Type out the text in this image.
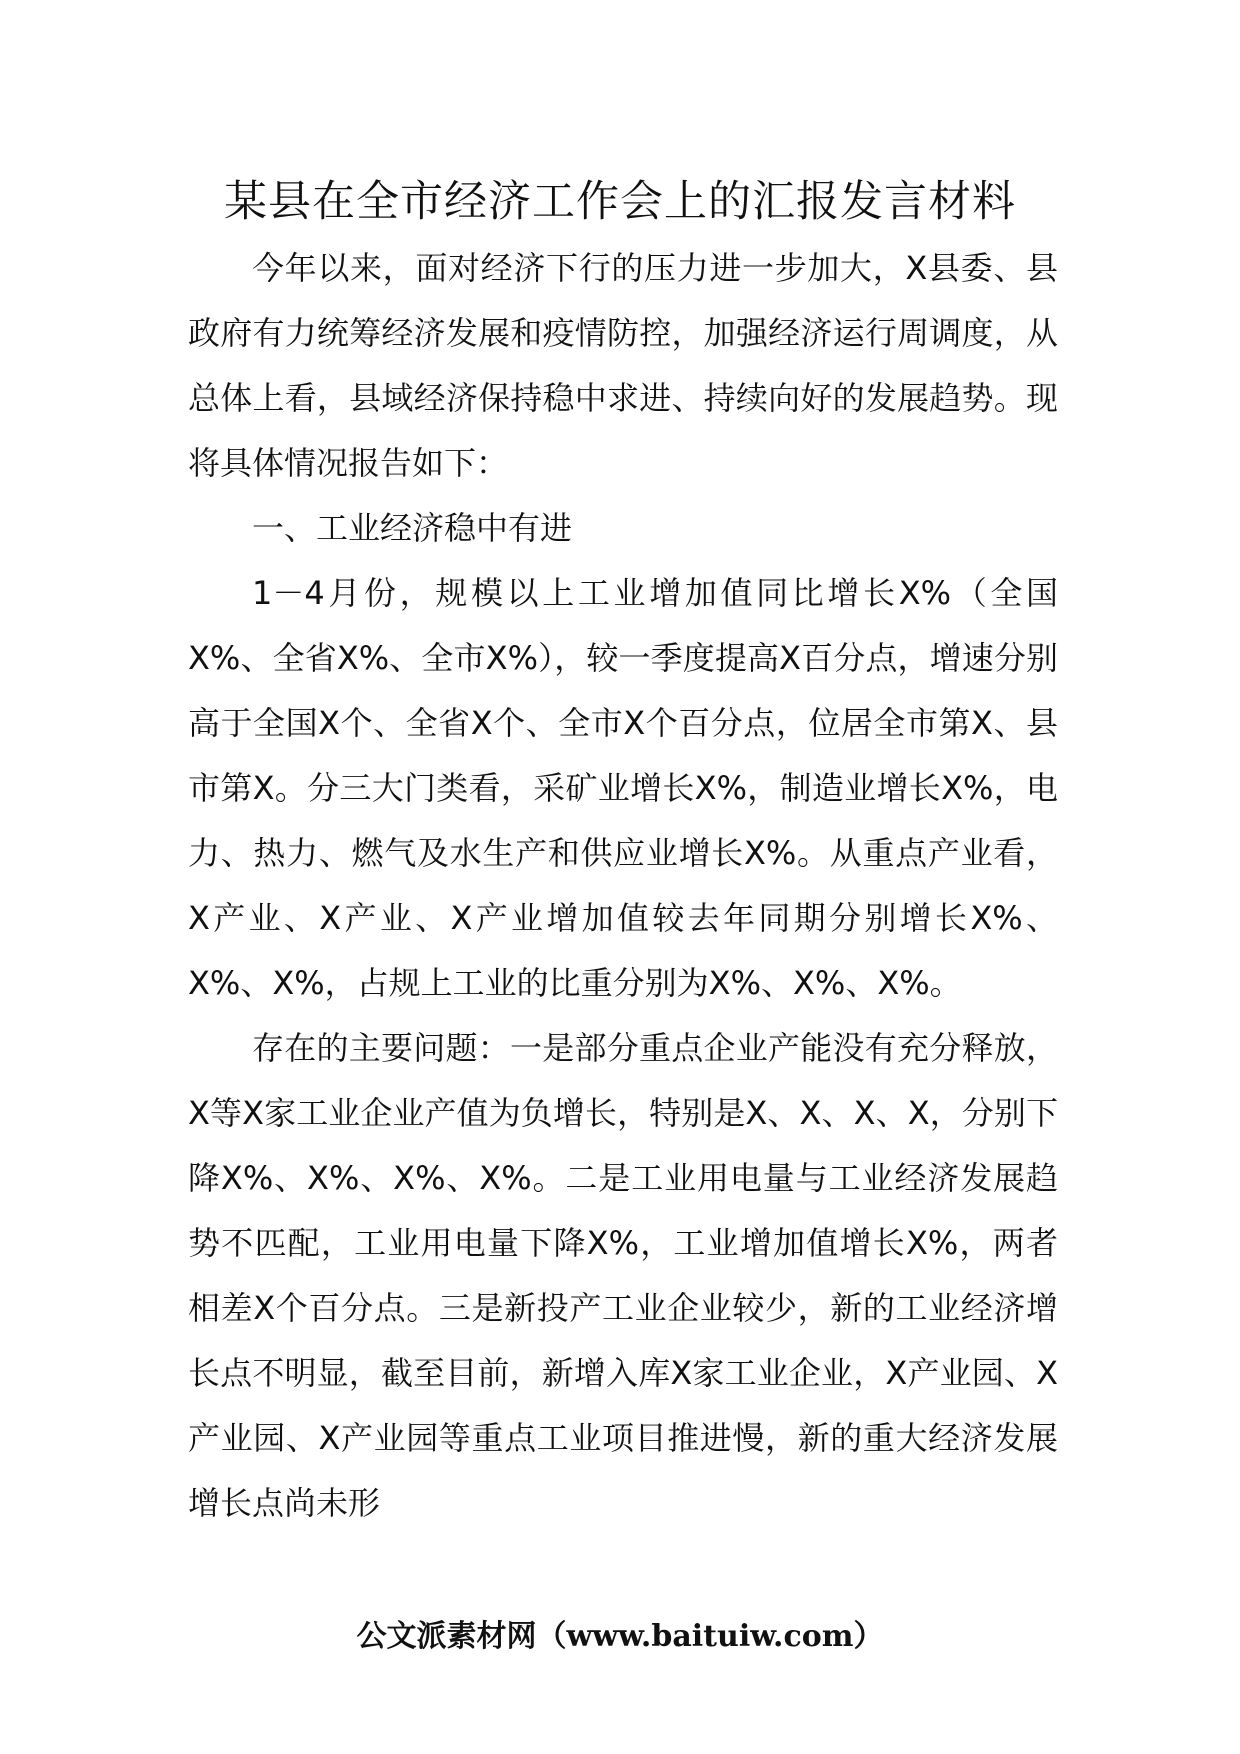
某县在全市经济工作会上的汇报发言材料

今年以来，面对经济下行的压力进一步加大，X县委、县政府有力统筹经济发展和疫情防控，加强经济运行周调度，从总体上看，县域经济保持稳中求进、持续向好的发展趋势。现将具体情况报告如下：

一、工业经济稳中有进

1－4月份，规模以上工业增加值同比增长X%（全国X%、全省X%、全市X%），较一季度提高X百分点，增速分别高于全国X个、全省X个、全市X个百分点，位居全市第X、县市第X。分三大门类看，采矿业增长X%，制造业增长X%，电力、热力、燃气及水生产和供应业增长X%。从重点产业看，X产业、X产业、X产业增加值较去年同期分别增长X%、X%、X%，占规上工业的比重分别为X%、X%、X%。

存在的主要问题：一是部分重点企业产能没有充分释放，X等X家工业企业产值为负增长，特别是X、X、X、X，分别下降X%、X%、X%、X%。二是工业用电量与工业经济发展趋势不匹配，工业用电量下降X%，工业增加值增长X%，两者相差X个百分点。三是新投产工业企业较少，新的工业经济增长点不明显，截至目前，新增入库X家工业企业，X产业园、X产业园、X产业园等重点工业项目推进慢，新的重大经济发展增长点尚未形

公文派素材网（www.baituiw.com）
